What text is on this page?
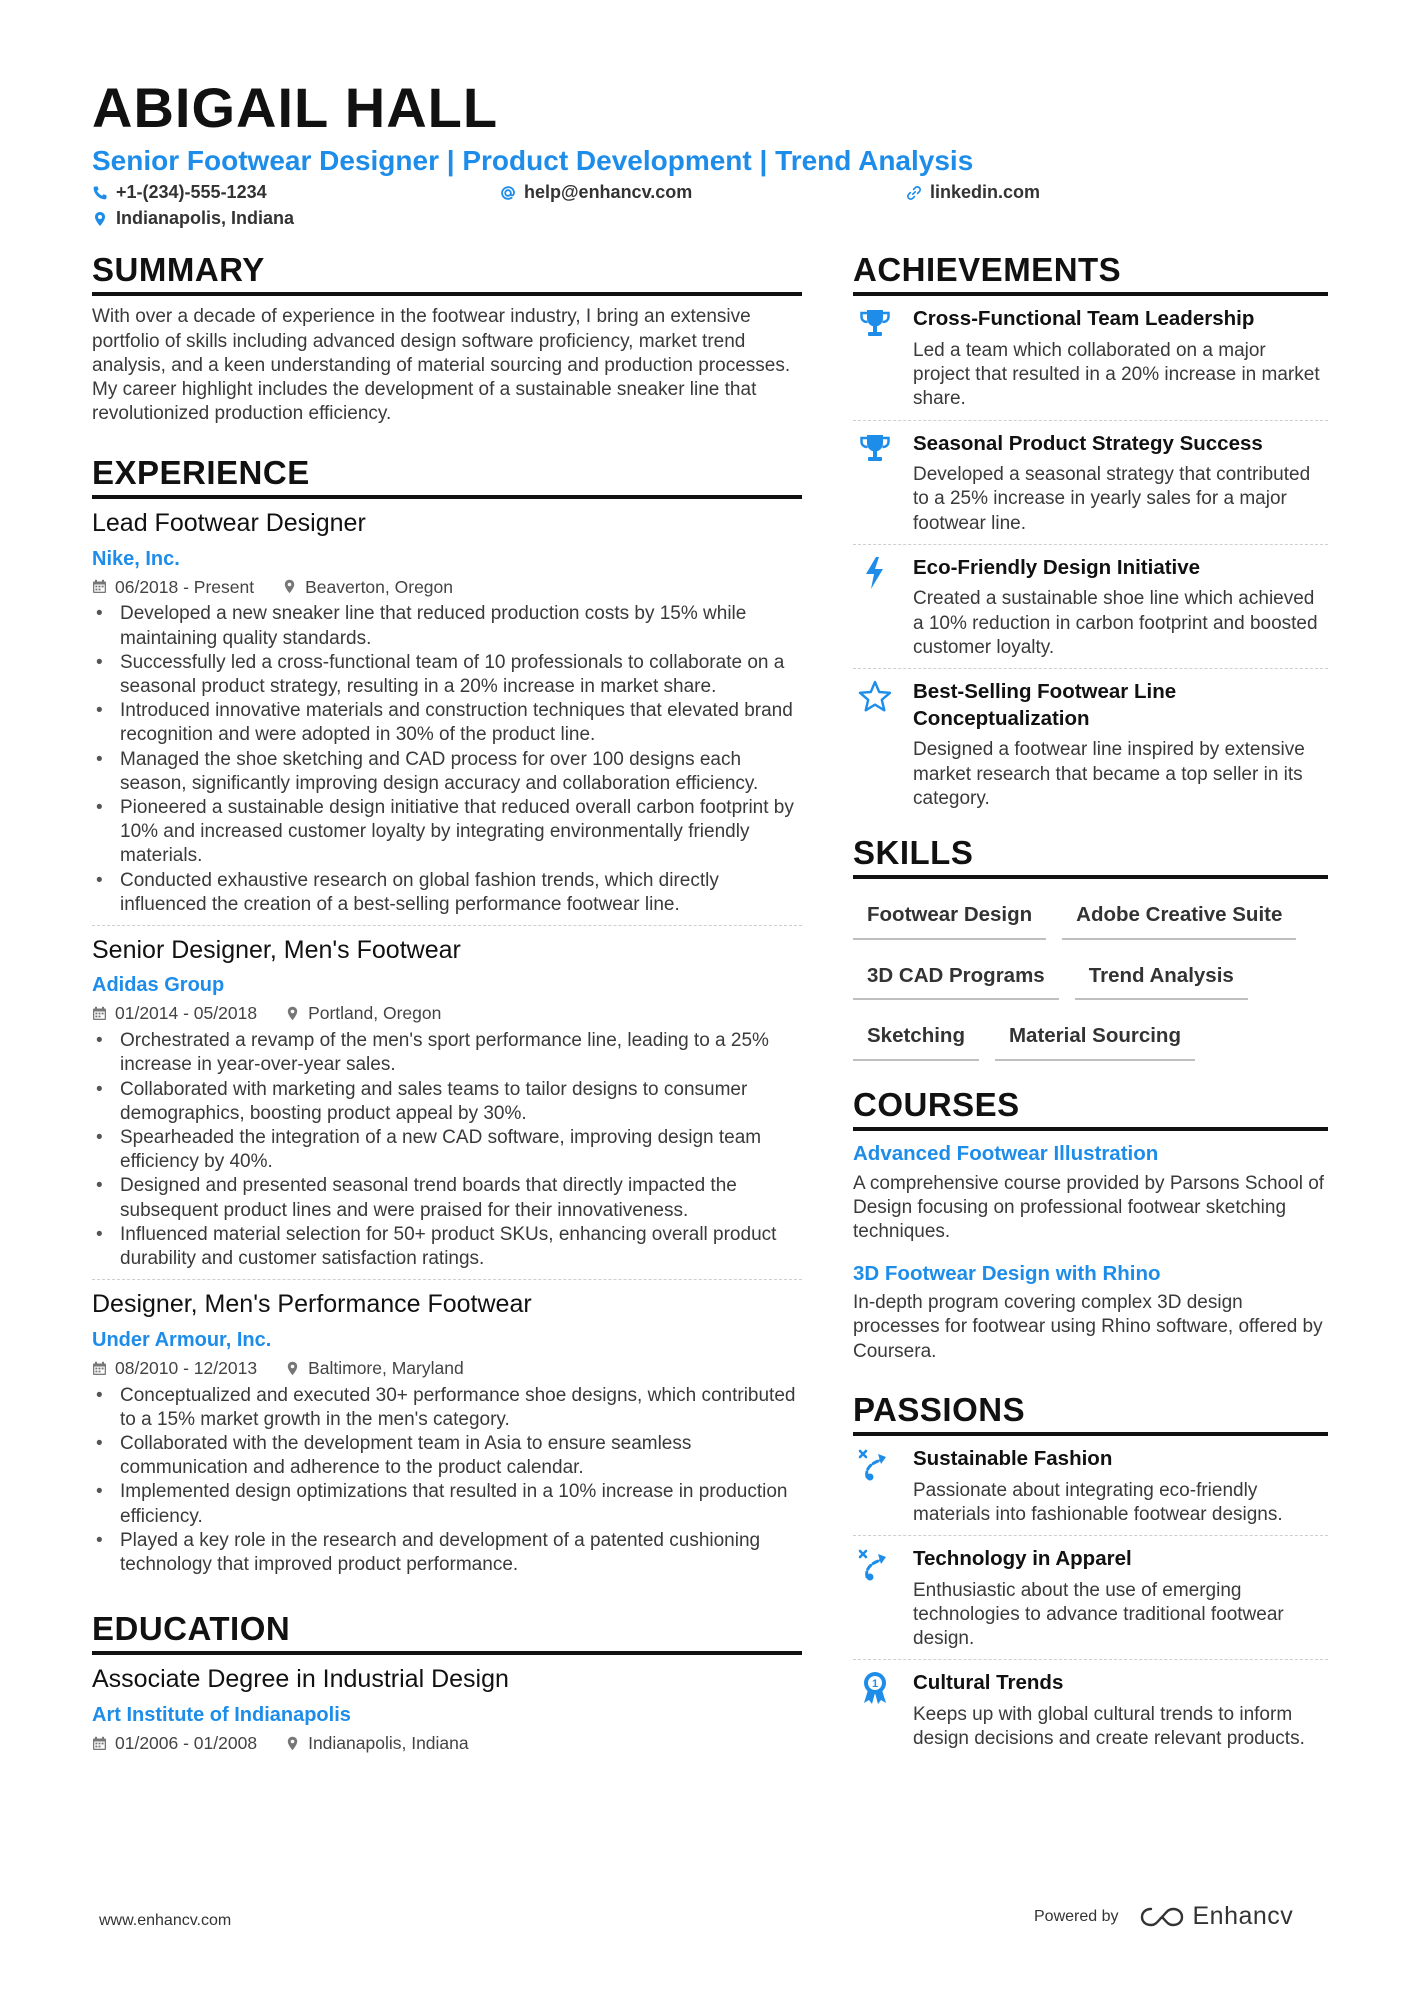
ABIGAIL HALL
Senior Footwear Designer | Product Development | Trend Analysis
+1-(234)-555-1234	help@enhancv.com	linkedin.com
Indianapolis, Indiana
SUMMARY
With over a decade of experience in the footwear industry, I bring an extensive portfolio of skills including advanced design software proficiency, market trend analysis, and a keen understanding of material sourcing and production processes. My career highlight includes the development of a sustainable sneaker line that revolutionized production efficiency.
EXPERIENCE
Lead Footwear Designer
Nike, Inc.
06/2018 - Present	Beaverton, Oregon
• Developed a new sneaker line that reduced production costs by 15% while maintaining quality standards.
• Successfully led a cross-functional team of 10 professionals to collaborate on a seasonal product strategy, resulting in a 20% increase in market share.
• Introduced innovative materials and construction techniques that elevated brand recognition and were adopted in 30% of the product line.
• Managed the shoe sketching and CAD process for over 100 designs each season, significantly improving design accuracy and collaboration efficiency.
• Pioneered a sustainable design initiative that reduced overall carbon footprint by 10% and increased customer loyalty by integrating environmentally friendly materials.
• Conducted exhaustive research on global fashion trends, which directly influenced the creation of a best-selling performance footwear line.
Senior Designer, Men's Footwear
Adidas Group
01/2014 - 05/2018	Portland, Oregon
• Orchestrated a revamp of the men's sport performance line, leading to a 25% increase in year-over-year sales.
• Collaborated with marketing and sales teams to tailor designs to consumer demographics, boosting product appeal by 30%.
• Spearheaded the integration of a new CAD software, improving design team efficiency by 40%.
• Designed and presented seasonal trend boards that directly impacted the subsequent product lines and were praised for their innovativeness.
• Influenced material selection for 50+ product SKUs, enhancing overall product durability and customer satisfaction ratings.
Designer, Men's Performance Footwear
Under Armour, Inc.
08/2010 - 12/2013	Baltimore, Maryland
• Conceptualized and executed 30+ performance shoe designs, which contributed to a 15% market growth in the men's category.
• Collaborated with the development team in Asia to ensure seamless communication and adherence to the product calendar.
• Implemented design optimizations that resulted in a 10% increase in production efficiency.
• Played a key role in the research and development of a patented cushioning technology that improved product performance.
EDUCATION
Associate Degree in Industrial Design
Art Institute of Indianapolis
01/2006 - 01/2008	Indianapolis, Indiana
ACHIEVEMENTS
Cross-Functional Team Leadership
Led a team which collaborated on a major project that resulted in a 20% increase in market share.
Seasonal Product Strategy Success
Developed a seasonal strategy that contributed to a 25% increase in yearly sales for a major footwear line.
Eco-Friendly Design Initiative
Created a sustainable shoe line which achieved a 10% reduction in carbon footprint and boosted customer loyalty.
Best-Selling Footwear Line Conceptualization
Designed a footwear line inspired by extensive market research that became a top seller in its category.
SKILLS
Footwear Design	Adobe Creative Suite
3D CAD Programs	Trend Analysis
Sketching	Material Sourcing
COURSES
Advanced Footwear Illustration
A comprehensive course provided by Parsons School of Design focusing on professional footwear sketching techniques.
3D Footwear Design with Rhino
In-depth program covering complex 3D design processes for footwear using Rhino software, offered by Coursera.
PASSIONS
Sustainable Fashion
Passionate about integrating eco-friendly materials into fashionable footwear designs.
Technology in Apparel
Enthusiastic about the use of emerging technologies to advance traditional footwear design.
1 Cultural Trends
Keeps up with global cultural trends to inform design decisions and create relevant products.
www.enhancv.com	Powered by	Enhancv
